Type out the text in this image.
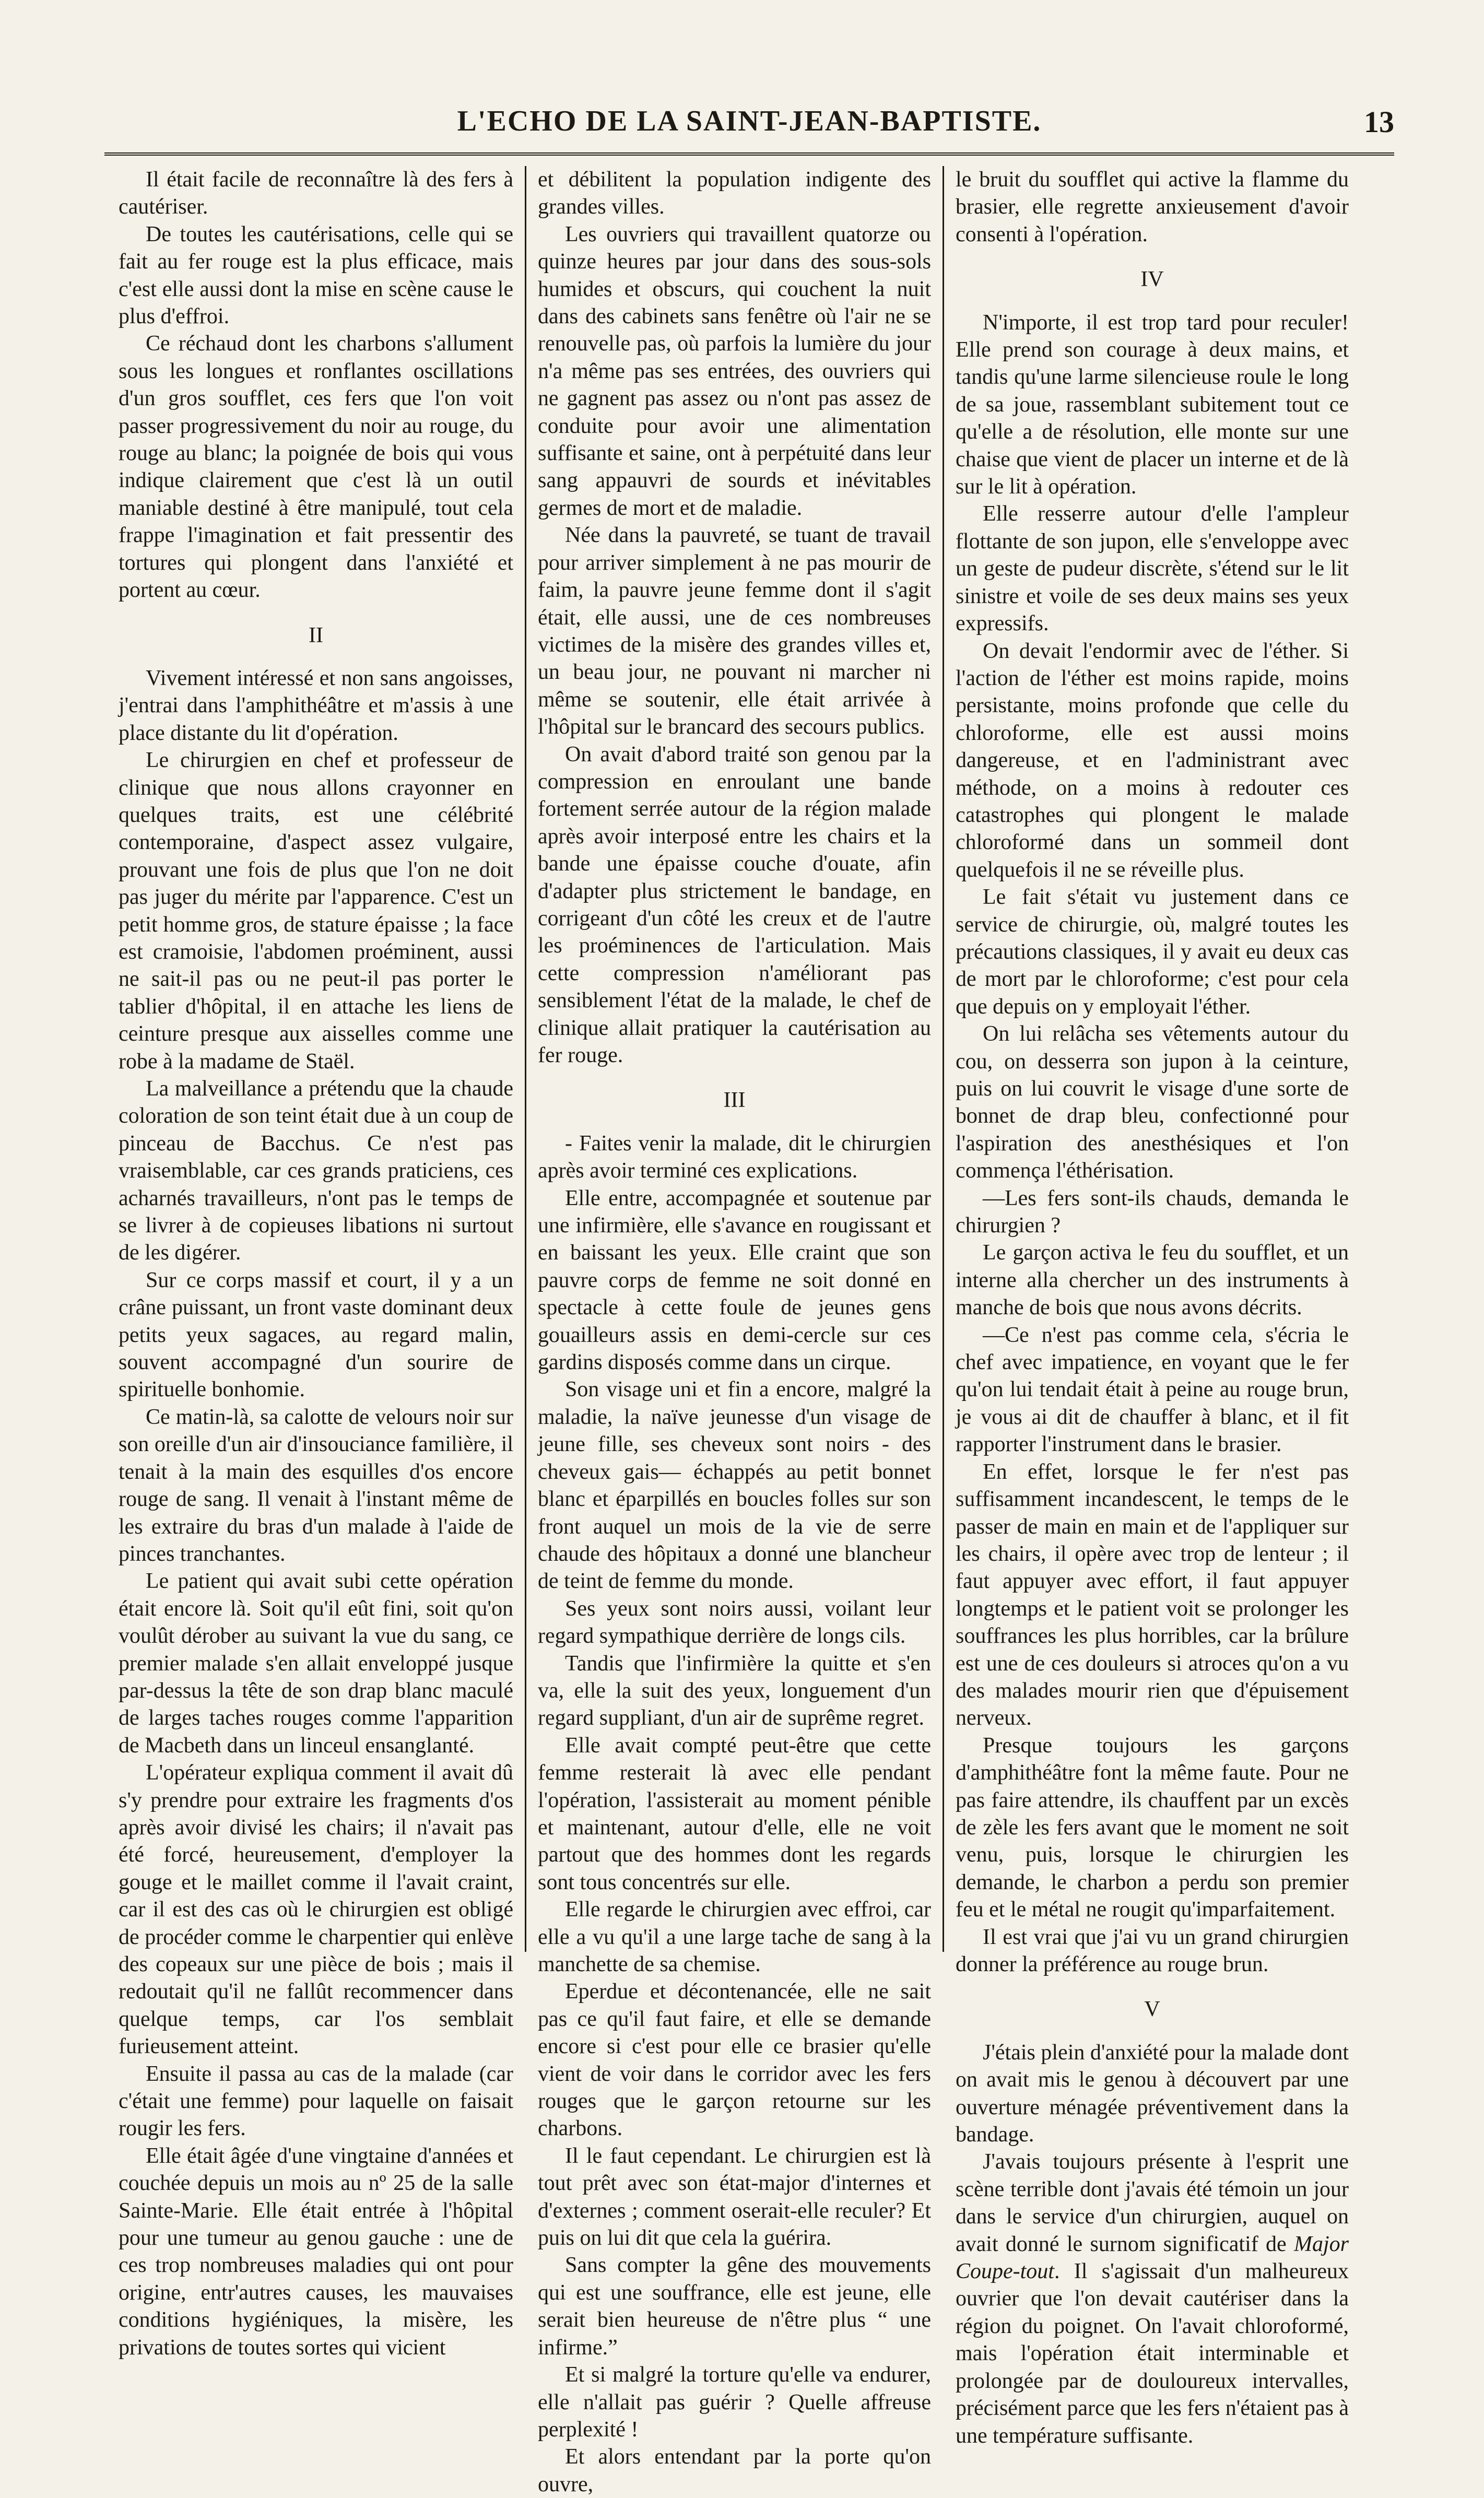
L'ECHO DE LA SAINT-JEAN-BAPTISTE.	13

Il était facile de reconnaître là des fers à cautériser.

De toutes les cautérisations, celle qui se fait au fer rouge est la plus efficace, mais c'est elle aussi dont la mise en scène cause le plus d'effroi.

Ce réchaud dont les charbons s'allument sous les longues et ronflantes oscillations d'un gros soufflet, ces fers que l'on voit passer progressivement du noir au rouge, du rouge au blanc; la poignée de bois qui vous indique clairement que c'est là un outil maniable destiné à être manipulé, tout cela frappe l'imagination et fait pressentir des tortures qui plongent dans l'anxiété et portent au cœur.

II

Vivement intéressé et non sans angoisses, j'entrai dans l'amphithéâtre et m'assis à une place distante du lit d'opération.

Le chirurgien en chef et professeur de clinique que nous allons crayonner en quelques traits, est une célébrité contemporaine, d'aspect assez vulgaire, prouvant une fois de plus que l'on ne doit pas juger du mérite par l'apparence. C'est un petit homme gros, de stature épaisse ; la face est cramoisie, l'abdomen proéminent, aussi ne sait-il pas ou ne peut-il pas porter le tablier d'hôpital, il en attache les liens de ceinture presque aux aisselles comme une robe à la madame de Staël.

La malveillance a prétendu que la chaude coloration de son teint était due à un coup de pinceau de Bacchus. Ce n'est pas vraisemblable, car ces grands praticiens, ces acharnés travailleurs, n'ont pas le temps de se livrer à de copieuses libations ni surtout de les digérer.

Sur ce corps massif et court, il y a un crâne puissant, un front vaste dominant deux petits yeux sagaces, au regard malin, souvent accompagné d'un sourire de spirituelle bonhomie.

Ce matin-là, sa calotte de velours noir sur son oreille d'un air d'insouciance familière, il tenait à la main des esquilles d'os encore rouge de sang. Il venait à l'instant même de les extraire du bras d'un malade à l'aide de pinces tranchantes.

Le patient qui avait subi cette opération était encore là. Soit qu'il eût fini, soit qu'on voulût dérober au suivant la vue du sang, ce premier malade s'en allait enveloppé jusque par-dessus la tête de son drap blanc maculé de larges taches rouges comme l'apparition de Macbeth dans un linceul ensanglanté.

L'opérateur expliqua comment il avait dû s'y prendre pour extraire les fragments d'os après avoir divisé les chairs; il n'avait pas été forcé, heureusement, d'employer la gouge et le maillet comme il l'avait craint, car il est des cas où le chirurgien est obligé de procéder comme le charpentier qui enlève des copeaux sur une pièce de bois ; mais il redoutait qu'il ne fallût recommencer dans quelque temps, car l'os semblait furieusement atteint.

Ensuite il passa au cas de la malade (car c'était une femme) pour laquelle on faisait rougir les fers.

Elle était âgée d'une vingtaine d'années et couchée depuis un mois au nº 25 de la salle Sainte-Marie. Elle était entrée à l'hôpital pour une tumeur au genou gauche : une de ces trop nombreuses maladies qui ont pour origine, entr'autres causes, les mauvaises conditions hygiéniques, la misère, les privations de toutes sortes qui vicient

et débilitent la population indigente des grandes villes.

Les ouvriers qui travaillent quatorze ou quinze heures par jour dans des sous-sols humides et obscurs, qui couchent la nuit dans des cabinets sans fenêtre où l'air ne se renouvelle pas, où parfois la lumière du jour n'a même pas ses entrées, des ouvriers qui ne gagnent pas assez ou n'ont pas assez de conduite pour avoir une alimentation suffisante et saine, ont à perpétuité dans leur sang appauvri de sourds et inévitables germes de mort et de maladie.

Née dans la pauvreté, se tuant de travail pour arriver simplement à ne pas mourir de faim, la pauvre jeune femme dont il s'agit était, elle aussi, une de ces nombreuses victimes de la misère des grandes villes et, un beau jour, ne pouvant ni marcher ni même se soutenir, elle était arrivée à l'hôpital sur le brancard des secours publics.

On avait d'abord traité son genou par la compression en enroulant une bande fortement serrée autour de la région malade après avoir interposé entre les chairs et la bande une épaisse couche d'ouate, afin d'adapter plus strictement le bandage, en corrigeant d'un côté les creux et de l'autre les proéminences de l'articulation. Mais cette compression n'améliorant pas sensiblement l'état de la malade, le chef de clinique allait pratiquer la cautérisation au fer rouge.

III

- Faites venir la malade, dit le chirurgien après avoir terminé ces explications.

Elle entre, accompagnée et soutenue par une infirmière, elle s'avance en rougissant et en baissant les yeux. Elle craint que son pauvre corps de femme ne soit donné en spectacle à cette foule de jeunes gens gouailleurs assis en demi-cercle sur ces gardins disposés comme dans un cirque.

Son visage uni et fin a encore, malgré la maladie, la naïve jeunesse d'un visage de jeune fille, ses cheveux sont noirs - des cheveux gais— échappés au petit bonnet blanc et éparpillés en boucles folles sur son front auquel un mois de la vie de serre chaude des hôpitaux a donné une blancheur de teint de femme du monde.

Ses yeux sont noirs aussi, voilant leur regard sympathique derrière de longs cils.

Tandis que l'infirmière la quitte et s'en va, elle la suit des yeux, longuement d'un regard suppliant, d'un air de suprême regret.

Elle avait compté peut-être que cette femme resterait là avec elle pendant l'opération, l'assisterait au moment pénible et maintenant, autour d'elle, elle ne voit partout que des hommes dont les regards sont tous concentrés sur elle.

Elle regarde le chirurgien avec effroi, car elle a vu qu'il a une large tache de sang à la manchette de sa chemise.

Eperdue et décontenancée, elle ne sait pas ce qu'il faut faire, et elle se demande encore si c'est pour elle ce brasier qu'elle vient de voir dans le corridor avec les fers rouges que le garçon retourne sur les charbons.

Il le faut cependant. Le chirurgien est là tout prêt avec son état-major d'internes et d'externes ; comment oserait-elle reculer? Et puis on lui dit que cela la guérira.

Sans compter la gêne des mouvements qui est une souffrance, elle est jeune, elle serait bien heureuse de n'être plus “ une infirme.”

Et si malgré la torture qu'elle va endurer, elle n'allait pas guérir ? Quelle affreuse perplexité !

Et alors entendant par la porte qu'on ouvre,

le bruit du soufflet qui active la flamme du brasier, elle regrette anxieusement d'avoir consenti à l'opération.

IV

N'importe, il est trop tard pour reculer! Elle prend son courage à deux mains, et tandis qu'une larme silencieuse roule le long de sa joue, rassemblant subitement tout ce qu'elle a de résolution, elle monte sur une chaise que vient de placer un interne et de là sur le lit à opération.

Elle resserre autour d'elle l'ampleur flottante de son jupon, elle s'enveloppe avec un geste de pudeur discrète, s'étend sur le lit sinistre et voile de ses deux mains ses yeux expressifs.

On devait l'endormir avec de l'éther. Si l'action de l'éther est moins rapide, moins persistante, moins profonde que celle du chloroforme, elle est aussi moins dangereuse, et en l'administrant avec méthode, on a moins à redouter ces catastrophes qui plongent le malade chloroformé dans un sommeil dont quelquefois il ne se réveille plus.

Le fait s'était vu justement dans ce service de chirurgie, où, malgré toutes les précautions classiques, il y avait eu deux cas de mort par le chloroforme; c'est pour cela que depuis on y employait l'éther.

On lui relâcha ses vêtements autour du cou, on desserra son jupon à la ceinture, puis on lui couvrit le visage d'une sorte de bonnet de drap bleu, confectionné pour l'aspiration des anesthésiques et l'on commença l'éthérisation.

—Les fers sont-ils chauds, demanda le chirurgien ?

Le garçon activa le feu du soufflet, et un interne alla chercher un des instruments à manche de bois que nous avons décrits.

—Ce n'est pas comme cela, s'écria le chef avec impatience, en voyant que le fer qu'on lui tendait était à peine au rouge brun, je vous ai dit de chauffer à blanc, et il fit rapporter l'instrument dans le brasier.

En effet, lorsque le fer n'est pas suffisamment incandescent, le temps de le passer de main en main et de l'appliquer sur les chairs, il opère avec trop de lenteur ; il faut appuyer avec effort, il faut appuyer longtemps et le patient voit se prolonger les souffrances les plus horribles, car la brûlure est une de ces douleurs si atroces qu'on a vu des malades mourir rien que d'épuisement nerveux.

Presque toujours les garçons d'amphithéâtre font la même faute. Pour ne pas faire attendre, ils chauffent par un excès de zèle les fers avant que le moment ne soit venu, puis, lorsque le chirurgien les demande, le charbon a perdu son premier feu et le métal ne rougit qu'imparfaitement.

Il est vrai que j'ai vu un grand chirurgien donner la préférence au rouge brun.

V

J'étais plein d'anxiété pour la malade dont on avait mis le genou à découvert par une ouverture ménagée préventivement dans la bandage.

J'avais toujours présente à l'esprit une scène terrible dont j'avais été témoin un jour dans le service d'un chirurgien, auquel on avait donné le surnom significatif de Major Coupe-tout. Il s'agissait d'un malheureux ouvrier que l'on devait cautériser dans la région du poignet. On l'avait chloroformé, mais l'opération était interminable et prolongée par de douloureux intervalles, précisément parce que les fers n'étaient pas à une température suffisante.
